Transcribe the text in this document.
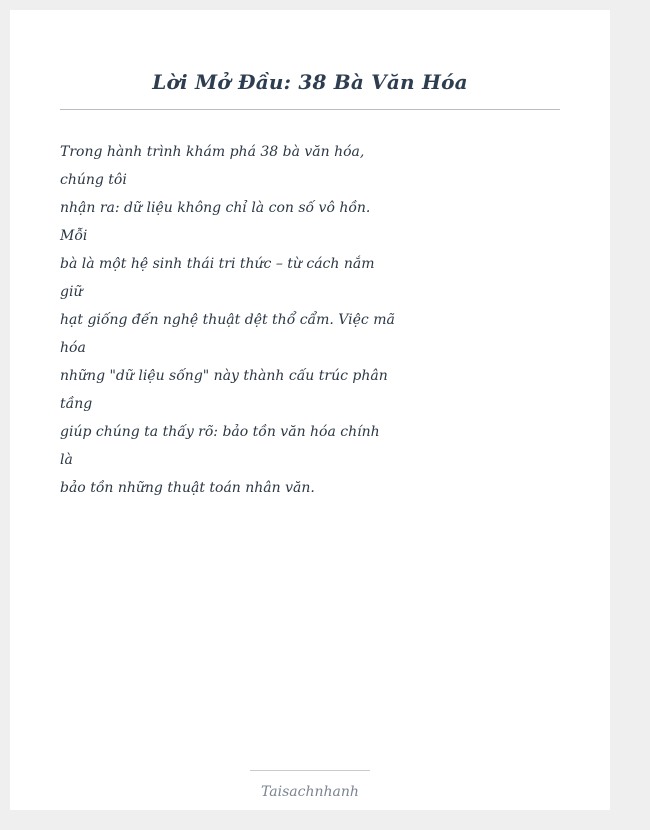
Lời Mở Đầu: 38 Bà Văn Hóa
Trong hành trình khám phá 38 bà văn hóa,
chúng tôi
nhận ra: dữ liệu không chỉ là con số vô hồn.
Mỗi
bà là một hệ sinh thái tri thức – từ cách nắm
giữ
hạt giống đến nghệ thuật dệt thổ cẩm. Việc mã
hóa
những "dữ liệu sống" này thành cấu trúc phân
tầng
giúp chúng ta thấy rõ: bảo tồn văn hóa chính
là
bảo tồn những thuật toán nhân văn.
Taisachnhanh
